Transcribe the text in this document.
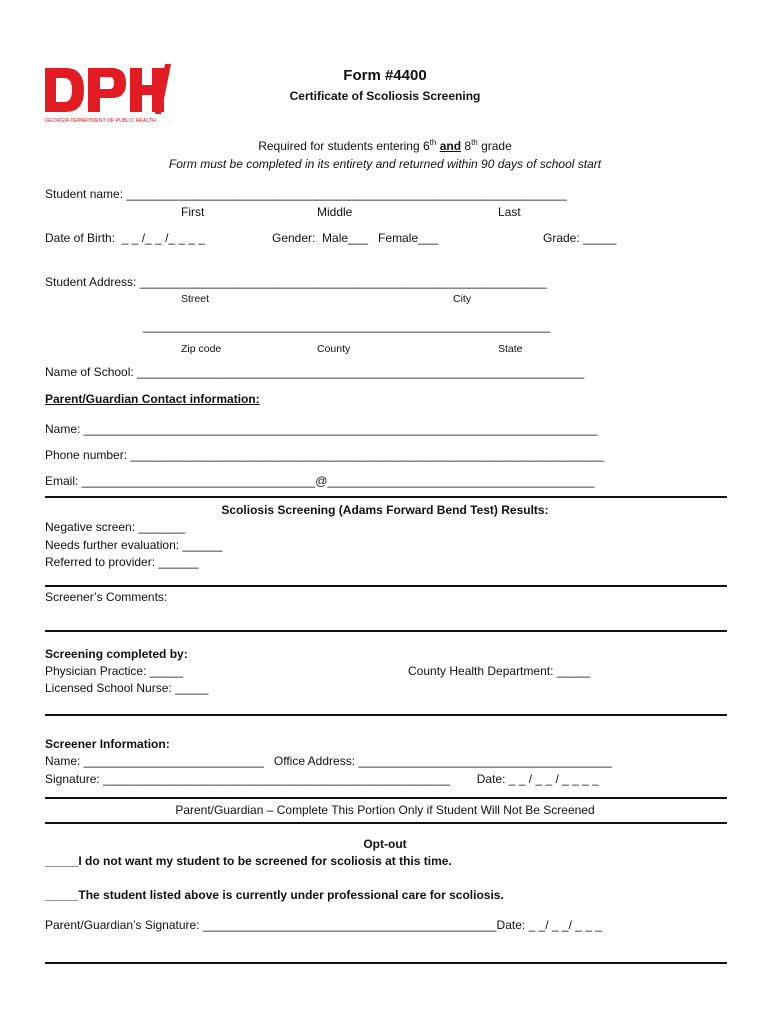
GEORGIA DEPARTMENT OF PUBLIC HEALTH
Form #4400
Certificate of Scoliosis Screening
Required for students entering 6th and 8th grade
Form must be completed in its entirety and returned within 90 days of school start
Student name: __________________________________________________________________
First	Middle	Last
Date of Birth:  _ _ /_ _ /_ _ _ _	Gender:  Male___   Female___	Grade: _____
Student Address: _____________________________________________________________
Street	City
_____________________________________________________________
Zip code	County	State
Name of School: ___________________________________________________________________
Parent/Guardian Contact information:
Name: _____________________________________________________________________________
Phone number: _______________________________________________________________________
Email: ___________________________________@________________________________________
Scoliosis Screening (Adams Forward Bend Test) Results:
Negative screen: _______
Needs further evaluation: ______
Referred to provider: ______
Screener’s Comments:
Screening completed by:
Physician Practice: _____	County Health Department: _____
Licensed School Nurse: _____
Screener Information:
Name: ___________________________   Office Address: ______________________________________
Signature: ____________________________________________________        Date: _ _ / _ _ / _ _ _ _
Parent/Guardian – Complete This Portion Only if Student Will Not Be Screened
Opt-out
_____I do not want my student to be screened for scoliosis at this time.
_____The student listed above is currently under professional care for scoliosis.
Parent/Guardian’s Signature: ____________________________________________Date: _ _/ _ _/ _ _ _
